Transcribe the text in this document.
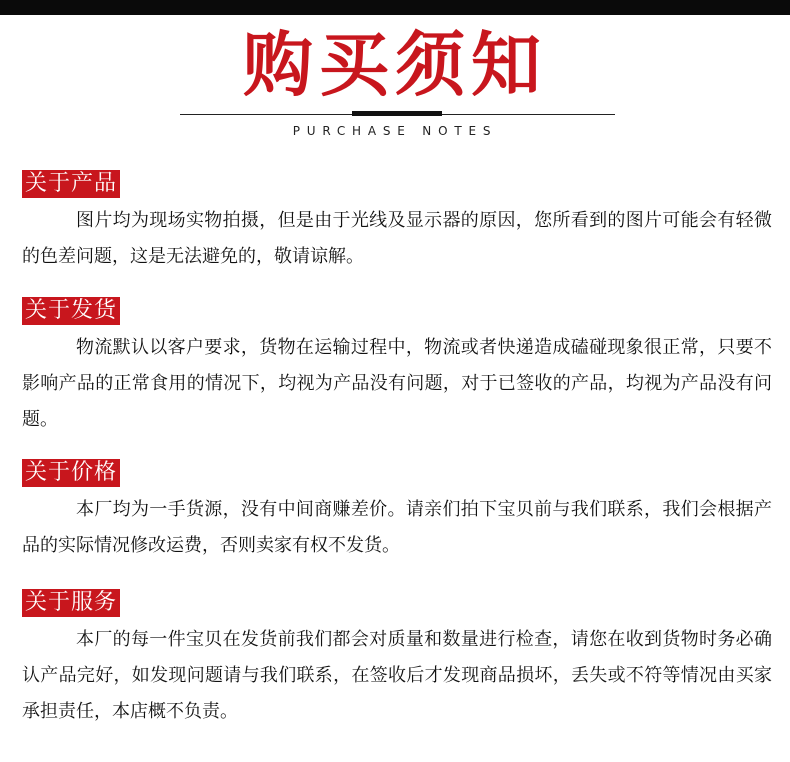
购买须知
PURCHASE NOTES
关于产品

图片均为现场实物拍摄，但是由于光线及显示器的原因，您所看到的图片可能会有轻微的色差问题，这是无法避免的，敬请谅解。

关于发货

物流默认以客户要求，货物在运输过程中，物流或者快递造成磕碰现象很正常，只要不影响产品的正常食用的情况下，均视为产品没有问题，对于已签收的产品，均视为产品没有问题。

关于价格

本厂均为一手货源，没有中间商赚差价。请亲们拍下宝贝前与我们联系，我们会根据产品的实际情况修改运费，否则卖家有权不发货。

关于服务

本厂的每一件宝贝在发货前我们都会对质量和数量进行检查，请您在收到货物时务必确认产品完好，如发现问题请与我们联系，在签收后才发现商品损坏，丢失或不符等情况由买家承担责任，本店概不负责。
